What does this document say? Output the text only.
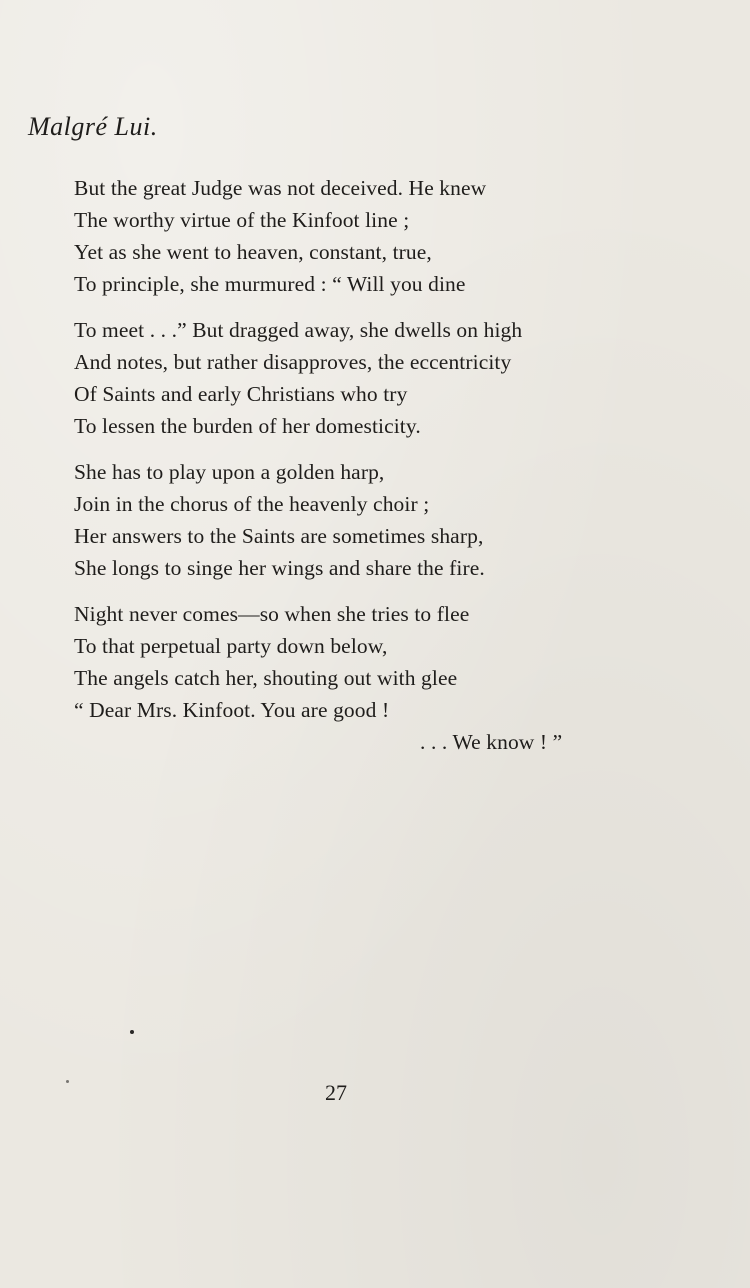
Malgré Lui.
But the great Judge was not deceived. He knew
The worthy virtue of the Kinfoot line ;
Yet as she went to heaven, constant, true,
To principle, she murmured : “ Will you dine
To meet . . .” But dragged away, she dwells on high
And notes, but rather disapproves, the eccentricity
Of Saints and early Christians who try
To lessen the burden of her domesticity.
She has to play upon a golden harp,
Join in the chorus of the heavenly choir ;
Her answers to the Saints are sometimes sharp,
She longs to singe her wings and share the fire.
Night never comes—so when she tries to flee
To that perpetual party down below,
The angels catch her, shouting out with glee
“ Dear Mrs. Kinfoot. You are good !
. . . We know ! ”
27
